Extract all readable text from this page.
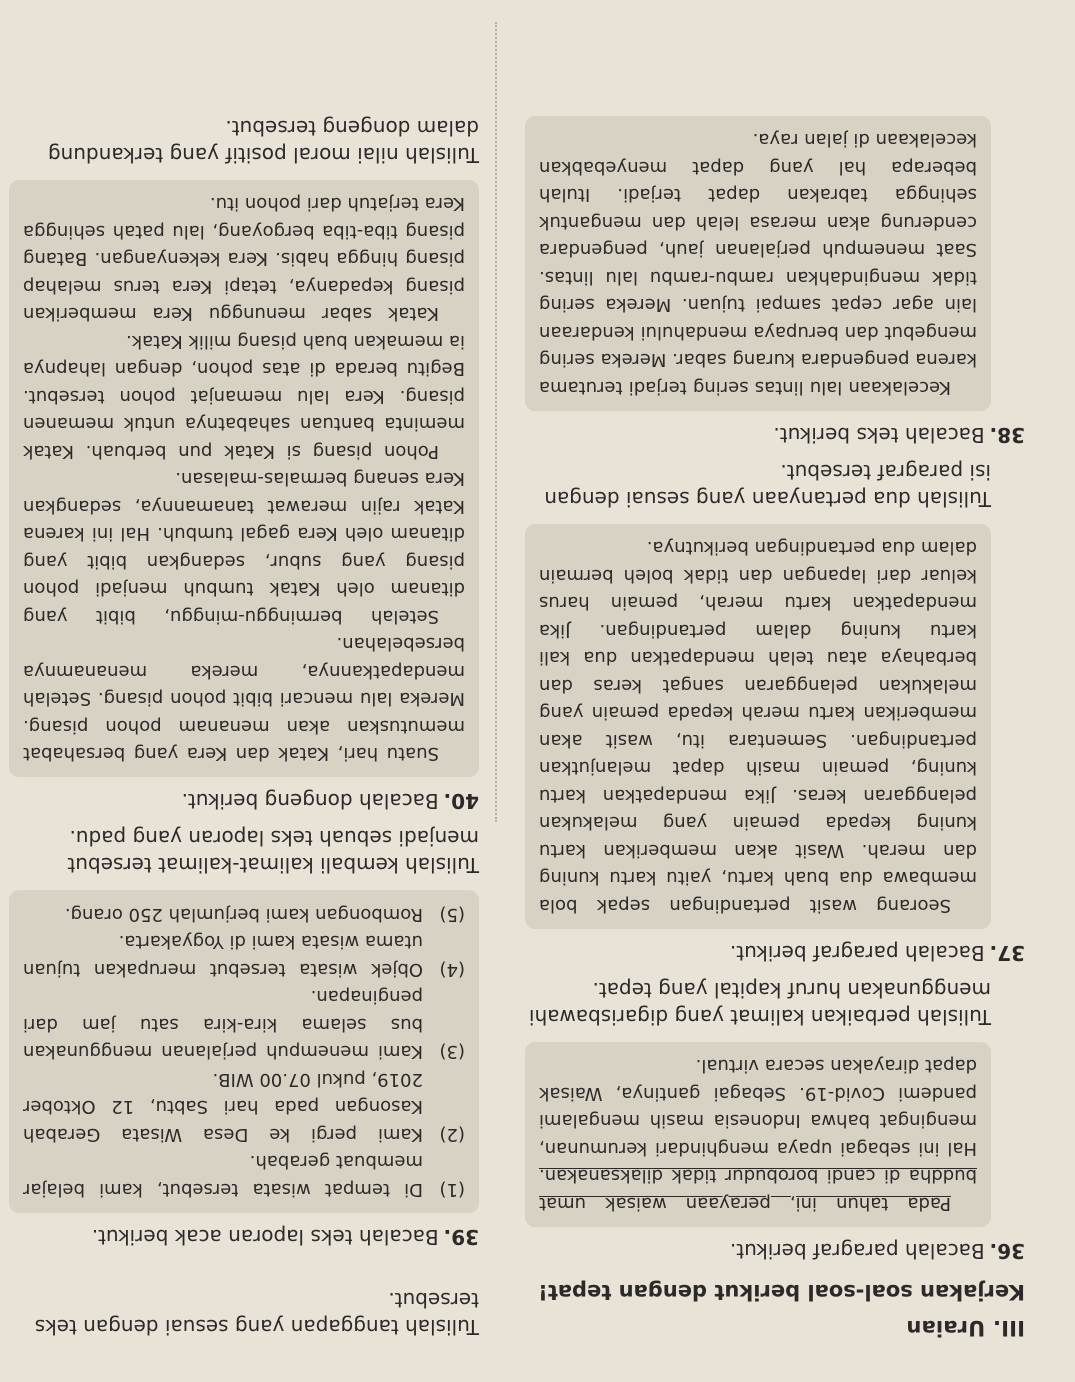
III. Uraian
Kerjakan soal-soal berikut dengan tepat!
36. Bacalah paragraf berikut.

Pada tahun ini, perayaan waisak umat buddha di candi borobudur tidak dilaksanakan. Hal ini sebagai upaya menghindari kerumunan, mengingat bahwa Indonesia masih mengalami pandemi Covid-19. Sebagai gantinya, Waisak dapat dirayakan secara virtual.

Tulislah perbaikan kalimat yang digarisbawahi menggunakan huruf kapital yang tepat.
37. Bacalah paragraf berikut.

Seorang wasit pertandingan sepak bola membawa dua buah kartu, yaitu kartu kuning dan merah. Wasit akan memberikan kartu kuning kepada pemain yang melakukan pelanggaran keras. Jika mendapatkan kartu kuning, pemain masih dapat melanjutkan pertandingan. Sementara itu, wasit akan memberikan kartu merah kepada pemain yang melakukan pelanggaran sangat keras dan berbahaya atau telah mendapatkan dua kali kartu kuning dalam pertandingan. Jika mendapatkan kartu merah, pemain harus keluar dari lapangan dan tidak boleh bermain dalam dua pertandingan berikutnya.

Tulislah dua pertanyaan yang sesuai dengan isi paragraf tersebut.
38. Bacalah teks berikut.

Kecelakaan lalu lintas sering terjadi terutama karena pengendara kurang sabar. Mereka sering mengebut dan berupaya mendahului kendaraan lain agar cepat sampai tujuan. Mereka sering tidak mengindahkan rambu-rambu lalu lintas. Saat menempuh perjalanan jauh, pengendara cenderung akan merasa lelah dan mengantuk sehingga tabrakan dapat terjadi. Itulah beberapa hal yang dapat menyebabkan kecelakaan di jalan raya.

Tulislah tanggapan yang sesuai dengan teks tersebut.
39. Bacalah teks laporan acak berikut.
(1)
Di tempat wisata tersebut, kami belajar membuat gerabah.
(2)
Kami pergi ke Desa Wisata Gerabah Kasongan pada hari Sabtu, 12 Oktober 2019, pukul 07.00 WIB.
(3)
Kami menempuh perjalanan menggunakan bus selama kira-kira satu jam dari penginapan.
(4)
Objek wisata tersebut merupakan tujuan utama wisata kami di Yogyakarta.
(5)
Rombongan kami berjumlah 250 orang.
Tulislah kembali kalimat-kalimat tersebut menjadi sebuah teks laporan yang padu.
40. Bacalah dongeng berikut.

Suatu hari, Katak dan Kera yang bersahabat memutuskan akan menanam pohon pisang. Mereka lalu mencari bibit pohon pisang. Setelah mendapatkannya, mereka menanamnya bersebelahan.

Setelah berminggu-minggu, bibit yang ditanam oleh Katak tumbuh menjadi pohon pisang yang subur, sedangkan bibit yang ditanam oleh Kera gagal tumbuh. Hal ini karena Katak rajin merawat tanamannya, sedangkan Kera senang bermalas-malasan.

Pohon pisang si Katak pun berbuah. Katak meminta bantuan sahabatnya untuk memanen pisang. Kera lalu memanjat pohon tersebut. Begitu berada di atas pohon, dengan lahapnya ia memakan buah pisang milik Katak.

Katak sabar menunggu Kera memberikan pisang kepadanya, tetapi Kera terus melahap pisang hingga habis. Kera kekenyangan. Batang pisang tiba-tiba bergoyang, lalu patah sehingga Kera terjatuh dari pohon itu.

Tulislah nilai moral positif yang terkandung dalam dongeng tersebut.
